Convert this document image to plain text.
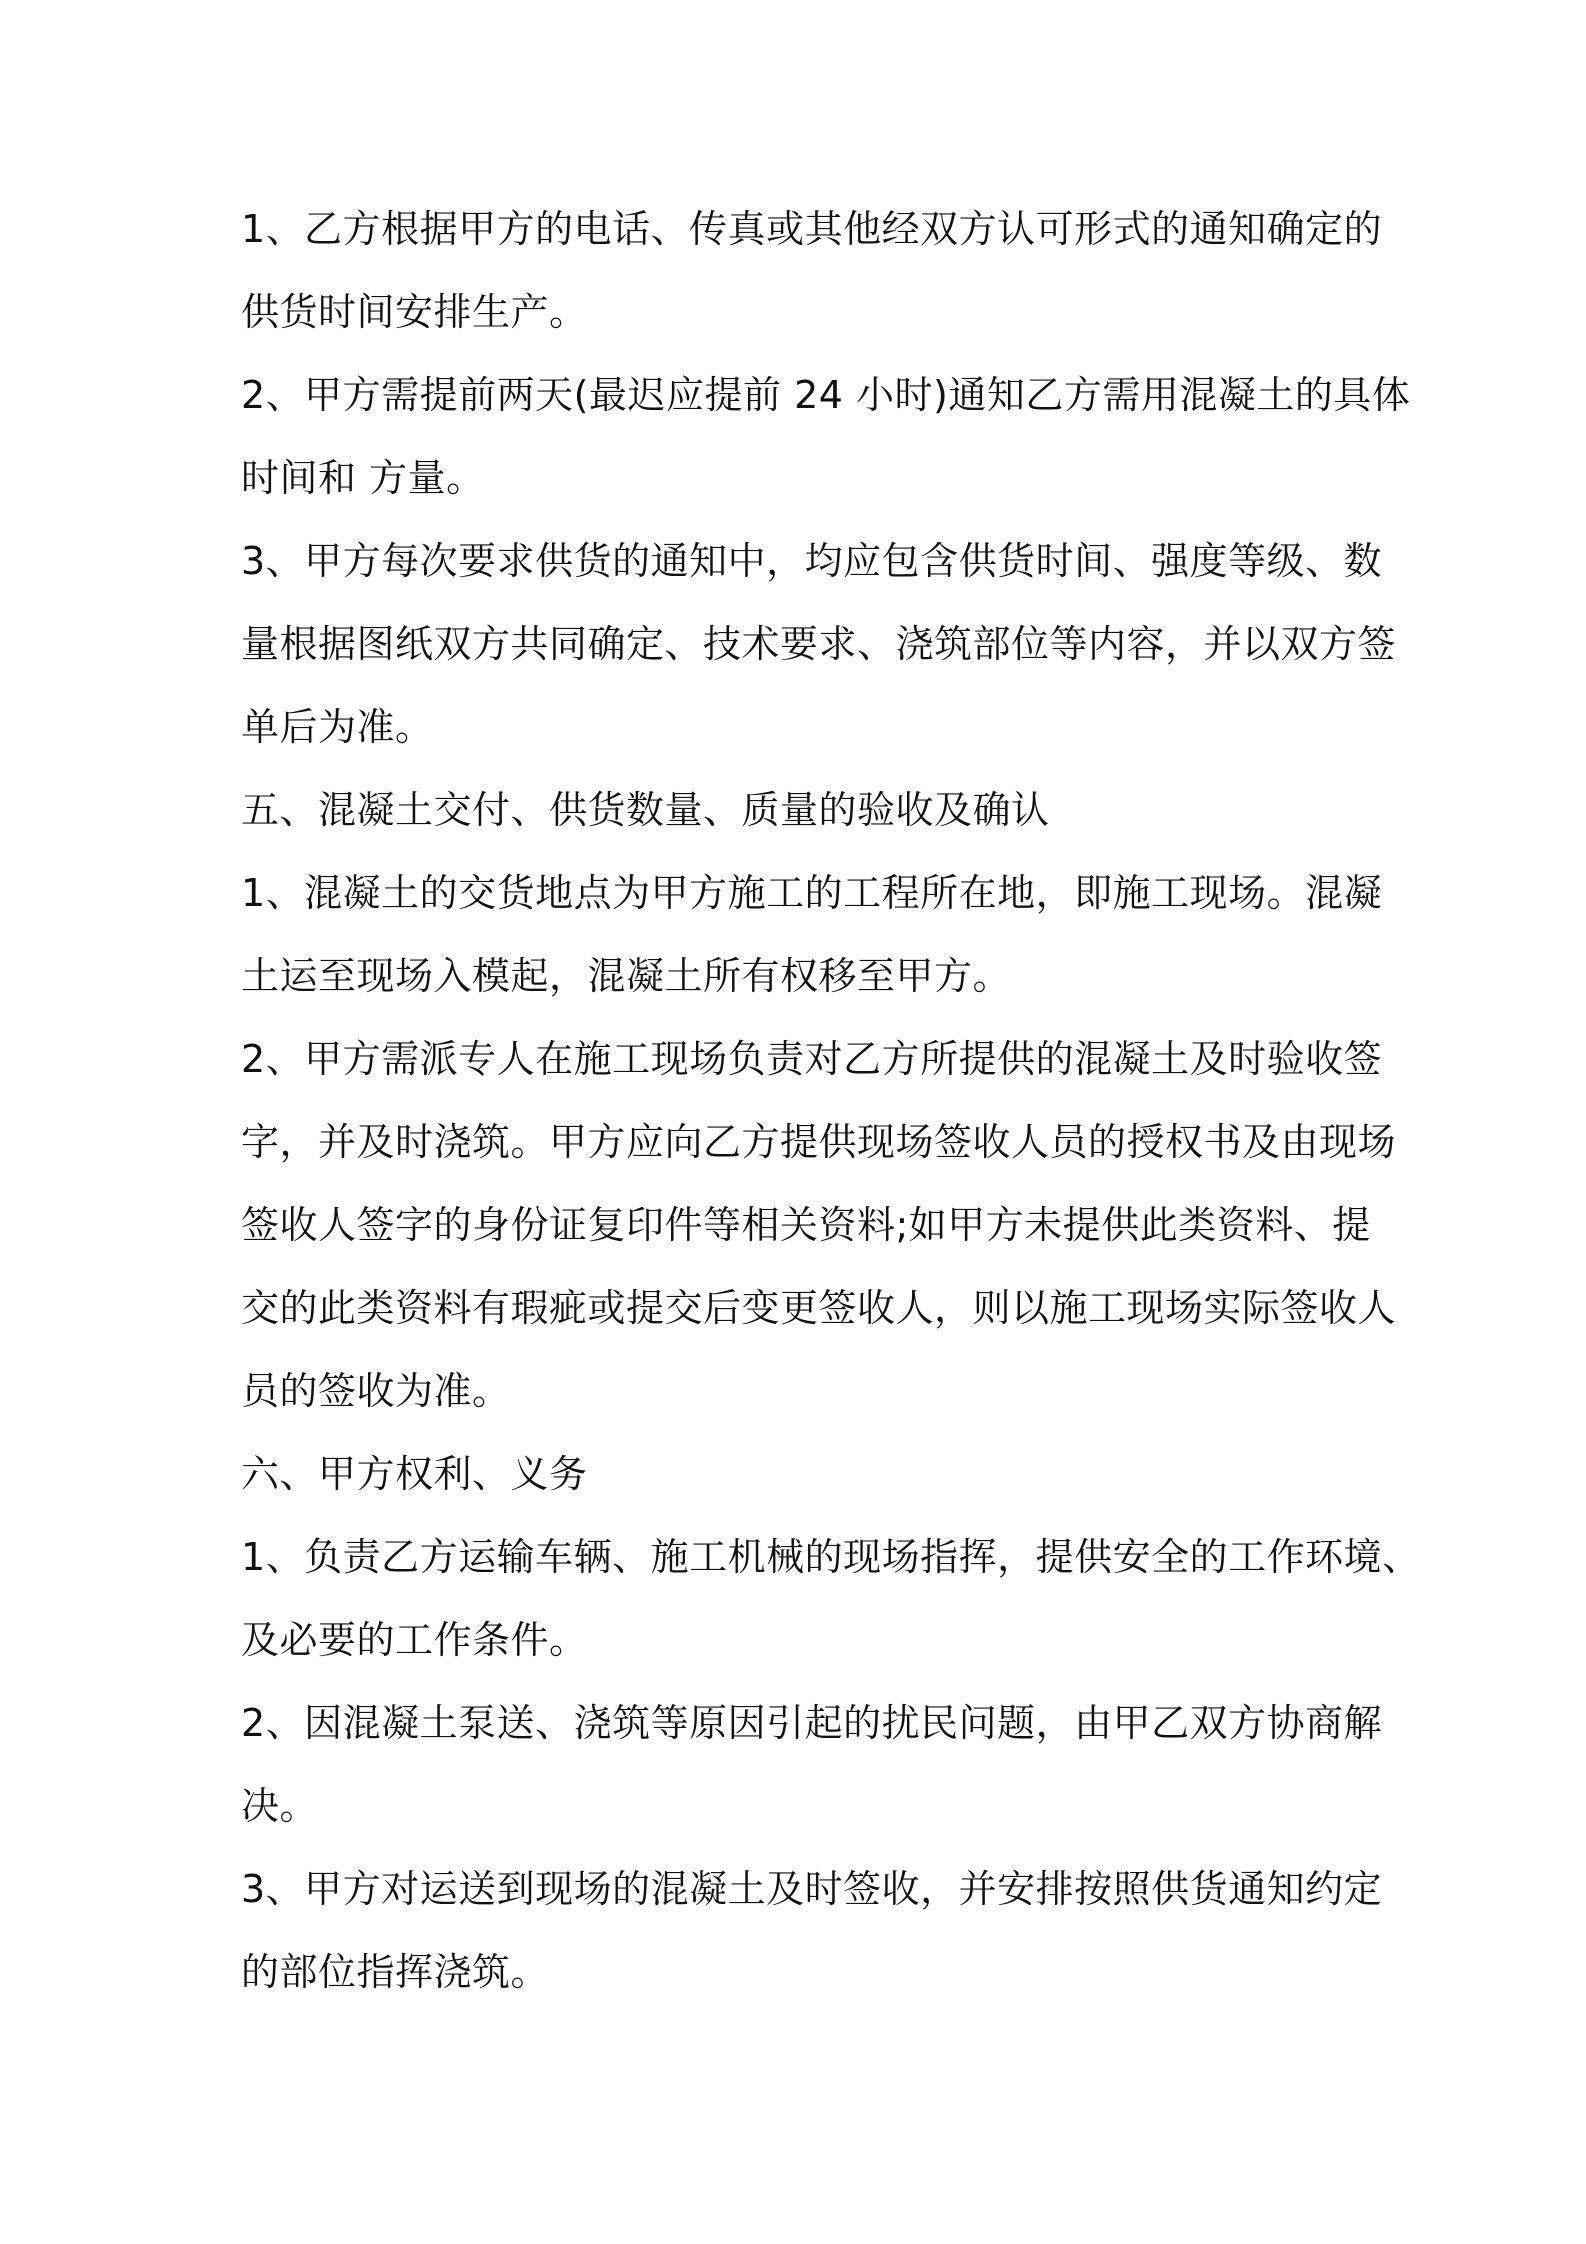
1、乙方根据甲方的电话、传真或其他经双方认可形式的通知确定的

供货时间安排生产。

2、甲方需提前两天(最迟应提前 24 小时)通知乙方需用混凝土的具体

时间和 方量。

3、甲方每次要求供货的通知中，均应包含供货时间、强度等级、数

量根据图纸双方共同确定、技术要求、浇筑部位等内容，并以双方签

单后为准。

五、混凝土交付、供货数量、质量的验收及确认

1、混凝土的交货地点为甲方施工的工程所在地，即施工现场。混凝

土运至现场入模起，混凝土所有权移至甲方。

2、甲方需派专人在施工现场负责对乙方所提供的混凝土及时验收签

字，并及时浇筑。甲方应向乙方提供现场签收人员的授权书及由现场

签收人签字的身份证复印件等相关资料;如甲方未提供此类资料、提

交的此类资料有瑕疵或提交后变更签收人，则以施工现场实际签收人

员的签收为准。

六、甲方权利、义务

1、负责乙方运输车辆、施工机械的现场指挥，提供安全的工作环境、

及必要的工作条件。

2、因混凝土泵送、浇筑等原因引起的扰民问题，由甲乙双方协商解

决。

3、甲方对运送到现场的混凝土及时签收，并安排按照供货通知约定

的部位指挥浇筑。
